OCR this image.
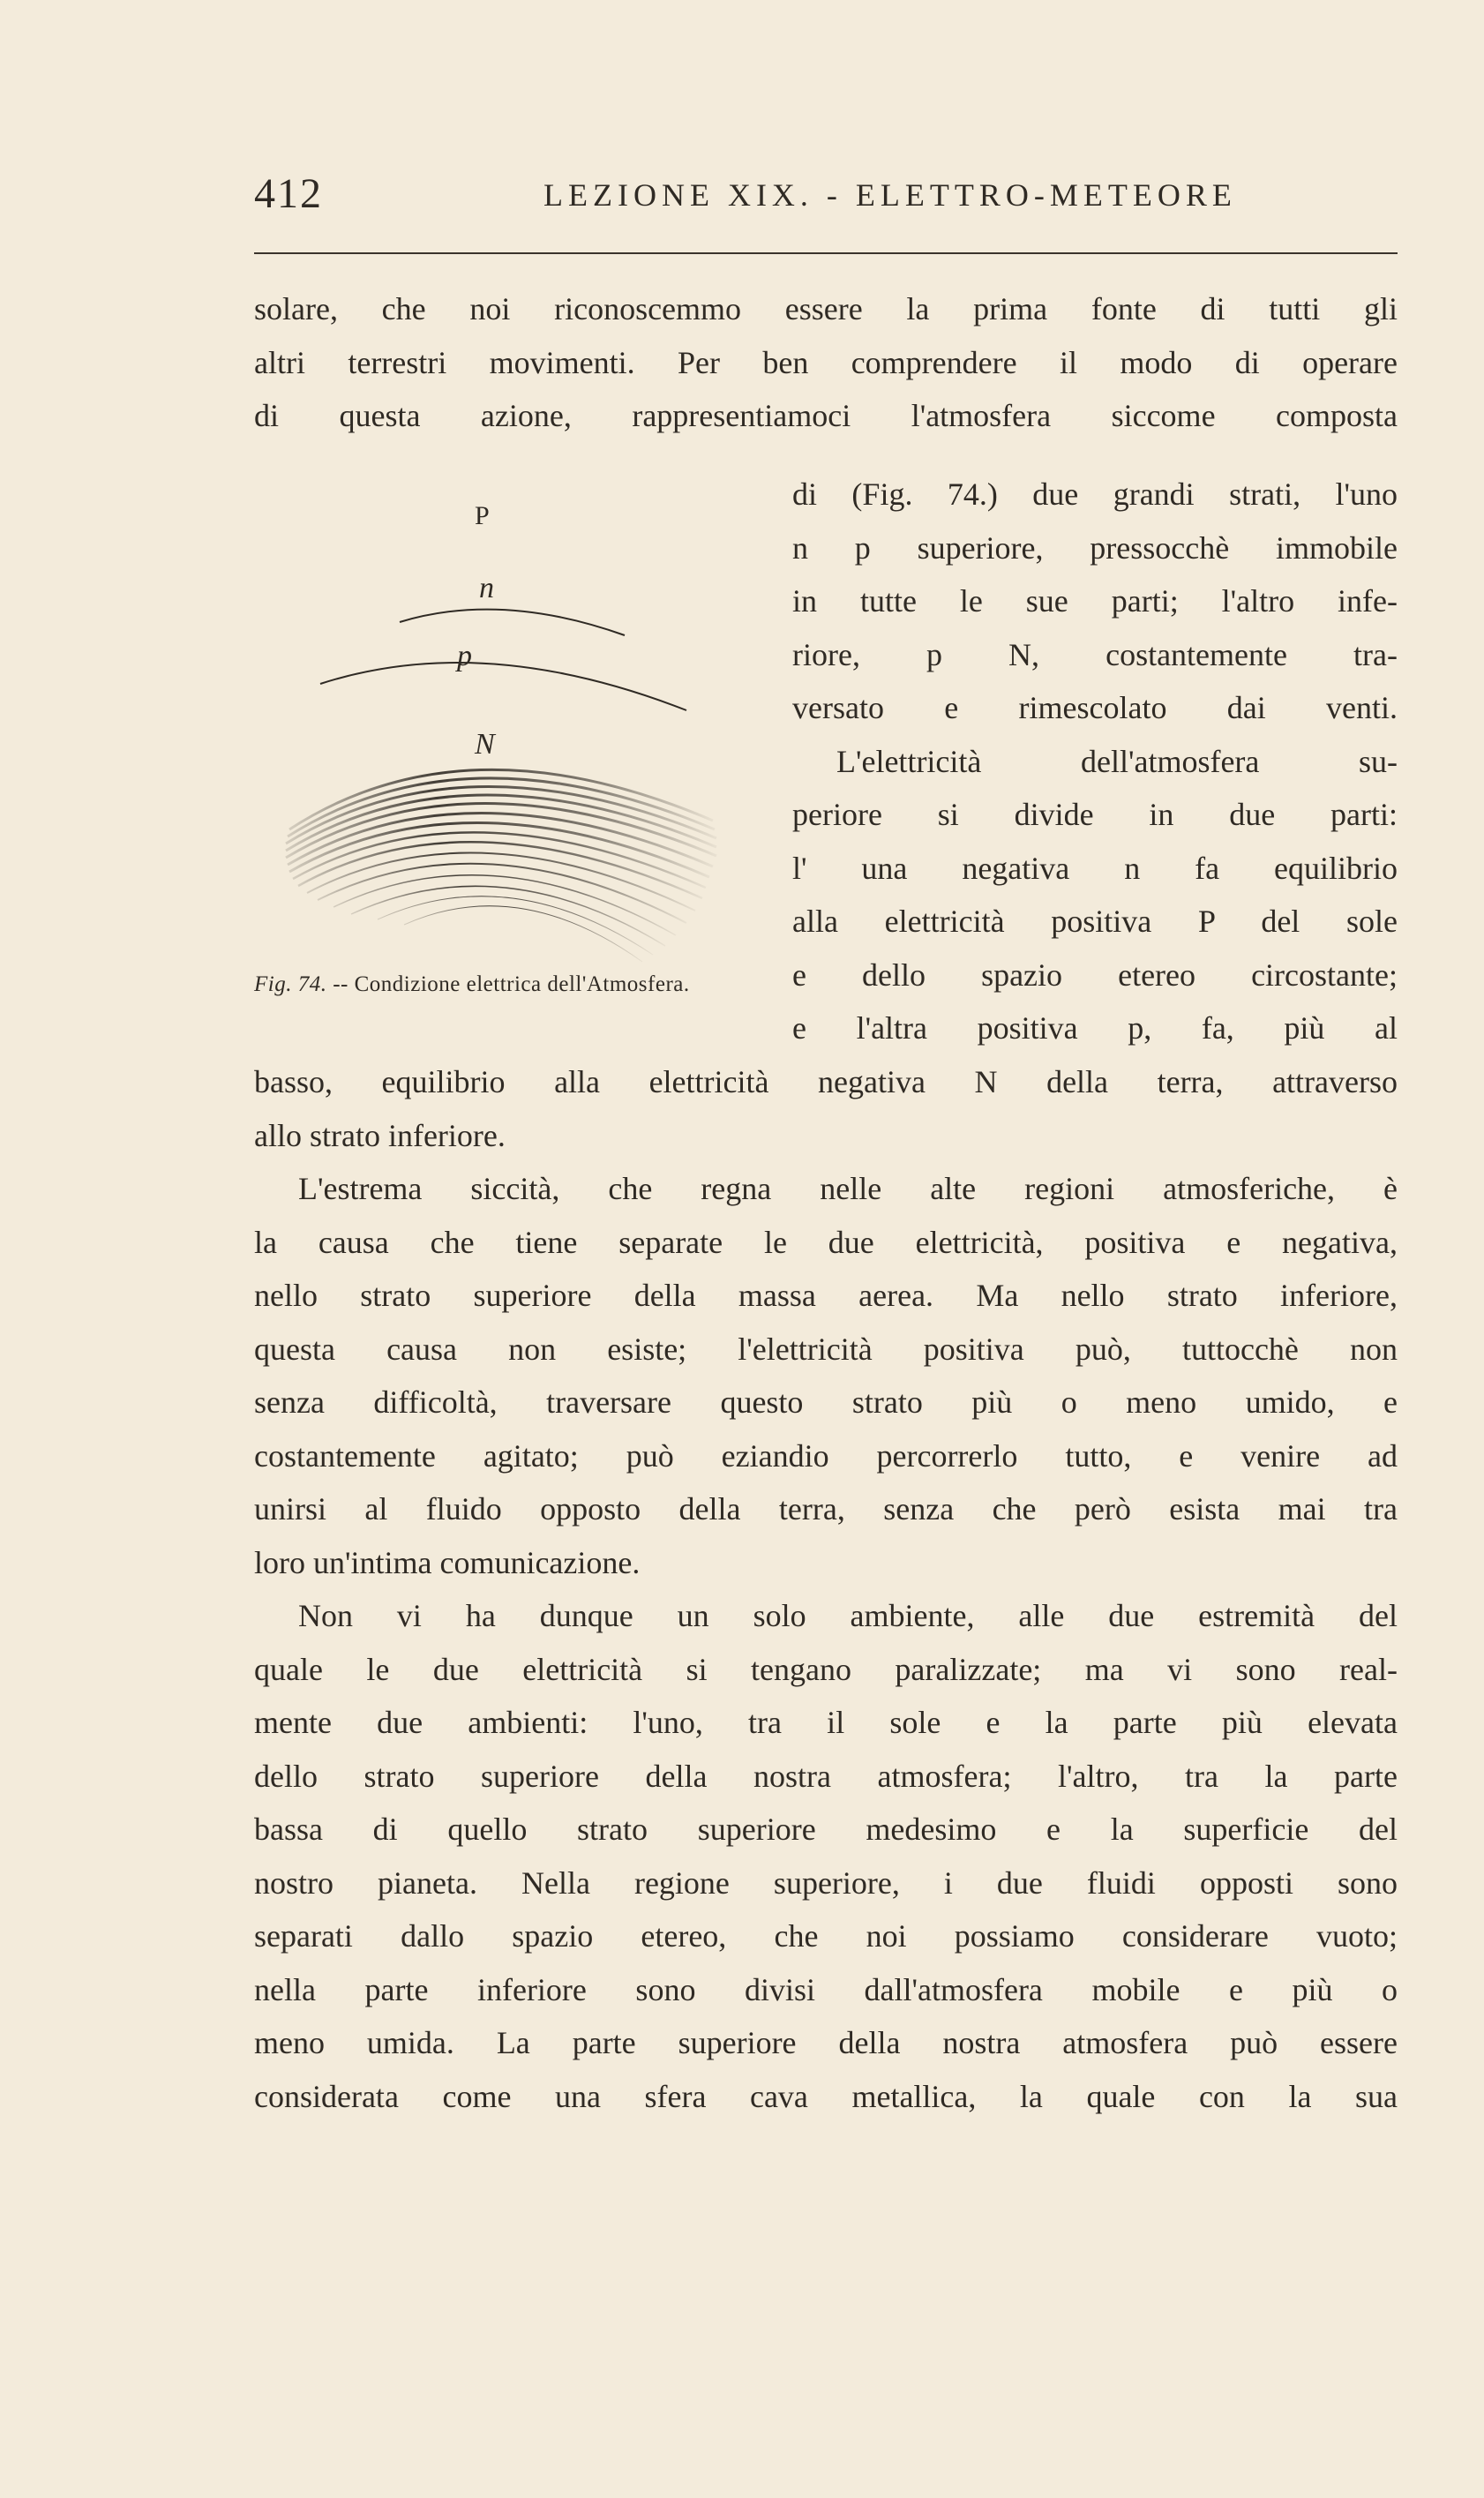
412	LEZIONE XIX. - ELETTRO-METEORE

solare, che noi riconoscemmo essere la prima fonte di tutti gli

altri terrestri movimenti. Per ben comprendere il modo di operare

di questa azione, rappresentiamoci l'atmosfera siccome composta

P
n
p
N
Fig. 74. -- Condizione elettrica dell'Atmosfera.

di (Fig. 74.) due grandi strati, l'uno

n p superiore, pressocchè immobile

in tutte le sue parti; l'altro infe-

riore, p N, costantemente tra-

versato e rimescolato dai venti.

L'elettricità dell'atmosfera su-

periore si divide in due parti:

l' una negativa n fa equilibrio

alla elettricità positiva P del sole

e dello spazio etereo circostante;

e l'altra positiva p, fa, più al

basso, equilibrio alla elettricità negativa N della terra, attraverso

allo strato inferiore.

L'estrema siccità, che regna nelle alte regioni atmosferiche, è

la causa che tiene separate le due elettricità, positiva e negativa,

nello strato superiore della massa aerea. Ma nello strato inferiore,

questa causa non esiste; l'elettricità positiva può, tuttocchè non

senza difficoltà, traversare questo strato più o meno umido, e

costantemente agitato; può eziandio percorrerlo tutto, e venire ad

unirsi al fluido opposto della terra, senza che però esista mai tra

loro un'intima comunicazione.

Non vi ha dunque un solo ambiente, alle due estremità del

quale le due elettricità si tengano paralizzate; ma vi sono real-

mente due ambienti: l'uno, tra il sole e la parte più elevata

dello strato superiore della nostra atmosfera; l'altro, tra la parte

bassa di quello strato superiore medesimo e la superficie del

nostro pianeta. Nella regione superiore, i due fluidi opposti sono

separati dallo spazio etereo, che noi possiamo considerare vuoto;

nella parte inferiore sono divisi dall'atmosfera mobile e più o

meno umida. La parte superiore della nostra atmosfera può essere

considerata come una sfera cava metallica, la quale con la sua
